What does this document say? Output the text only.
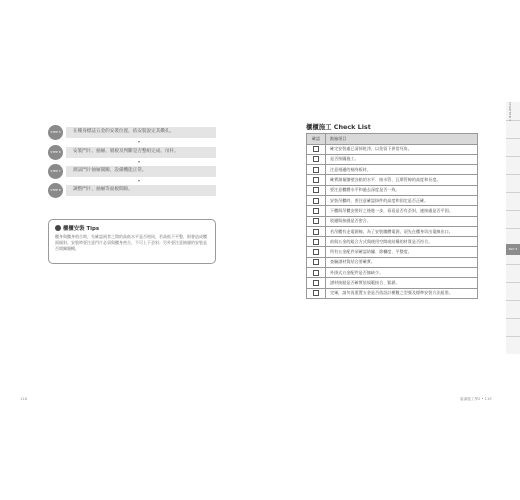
STEP 5	在樓身標誌五金的安裝位置，依安裝說定其鑽孔。
STEP 6	安裝門片、抽屜、層板及判斷是否整組完成、吊杆。
STEP 7	測試門片抽屜開關，設備機能正常。
STEP 8	調整門片、抽屜等面板間隙。
櫃櫃安裝 Tips
櫃身與櫃身相合時，先確認兩者之間的高低水平是否相同，若高低不平整，則會造成櫃面傾斜，安裝時要注意門片必須與櫃身密合，不可上下歪斜；另外要注意抽屜的安裝是否開關順暢。
櫃櫃施工 Check List
確認	點檢項目
	確定安裝處已清掃乾淨，以免留下異常死角。
	是否按圖施工。
	注意週邊的桶身板材。
	確實測量牆壁各點的水平、接水管、瓦斯管線的高度和長度。
	要注意櫃體水平和過去深度是否一致。
	安裝吊櫃時，要注意確認掛件的高度和固定是否正確。
	下櫃與吊櫃安裝好之後進一步，看看是否有歪斜，連接處是否平固。
	收邊與接縫是否密合。
	若吊櫃有走電源線，為了安裝牆體電源，須先在櫃身切出電線出口。
	前與五金的組合方式與使用空間或結構的材質是否符合。
	所有五金配件須確認防鏽、節欄度、平整度。
	查驗譜材質結合要確實。
	外掛式五金配件是否無缺少。
	譜材接點是否確實依規範接合、緊鎖。
	完畢，請勿再重置五金是否依設計模數之型號及標準安裝方法組裝。
CHAPTER 5
Part 5
118	裝潢施工學2 • 119
